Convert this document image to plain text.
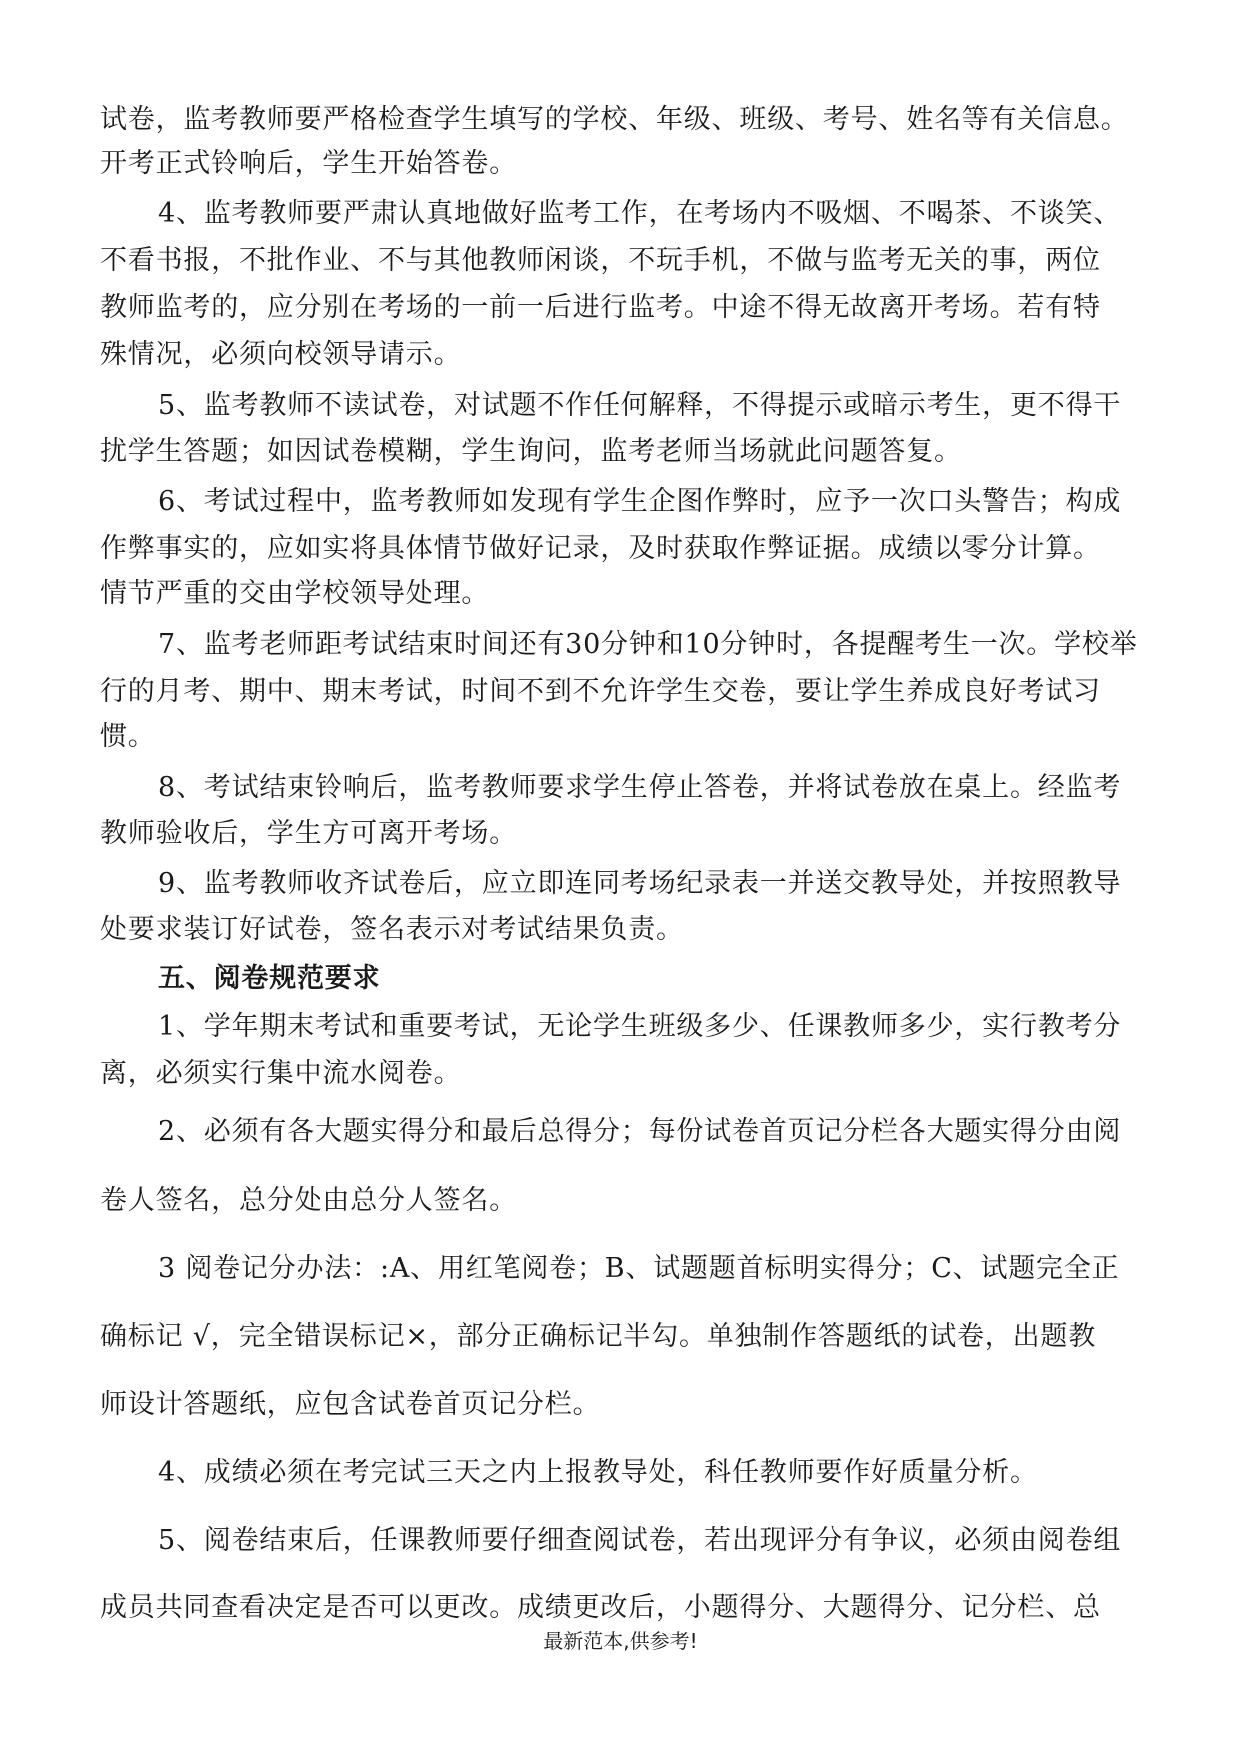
试卷，监考教师要严格检查学生填写的学校、年级、班级、考号、姓名等有关信息。
开考正式铃响后，学生开始答卷。
4、监考教师要严肃认真地做好监考工作，在考场内不吸烟、不喝茶、不谈笑、
不看书报，不批作业、不与其他教师闲谈，不玩手机，不做与监考无关的事，两位
教师监考的，应分别在考场的一前一后进行监考。中途不得无故离开考场。若有特
殊情况，必须向校领导请示。
5、监考教师不读试卷，对试题不作任何解释，不得提示或暗示考生，更不得干
扰学生答题；如因试卷模糊，学生询问，监考老师当场就此问题答复。
6、考试过程中，监考教师如发现有学生企图作弊时，应予一次口头警告；构成
作弊事实的，应如实将具体情节做好记录，及时获取作弊证据。成绩以零分计算。
情节严重的交由学校领导处理。
7、监考老师距考试结束时间还有30分钟和10分钟时，各提醒考生一次。学校举
行的月考、期中、期末考试，时间不到不允许学生交卷，要让学生养成良好考试习
惯。
8、考试结束铃响后，监考教师要求学生停止答卷，并将试卷放在桌上。经监考
教师验收后，学生方可离开考场。
9、监考教师收齐试卷后，应立即连同考场纪录表一并送交教导处，并按照教导
处要求装订好试卷，签名表示对考试结果负责。
五、阅卷规范要求
1、学年期末考试和重要考试，无论学生班级多少、任课教师多少，实行教考分
离，必须实行集中流水阅卷。
2、必须有各大题实得分和最后总得分；每份试卷首页记分栏各大题实得分由阅
卷人签名，总分处由总分人签名。
3 阅卷记分办法：:A、用红笔阅卷；B、试题题首标明实得分；C、试题完全正
确标记 √，完全错误标记×，部分正确标记半勾。单独制作答题纸的试卷，出题教
师设计答题纸，应包含试卷首页记分栏。
4、成绩必须在考完试三天之内上报教导处，科任教师要作好质量分析。
5、阅卷结束后，任课教师要仔细查阅试卷，若出现评分有争议，必须由阅卷组
成员共同查看决定是否可以更改。成绩更改后，小题得分、大题得分、记分栏、总
最新范本,供参考!
